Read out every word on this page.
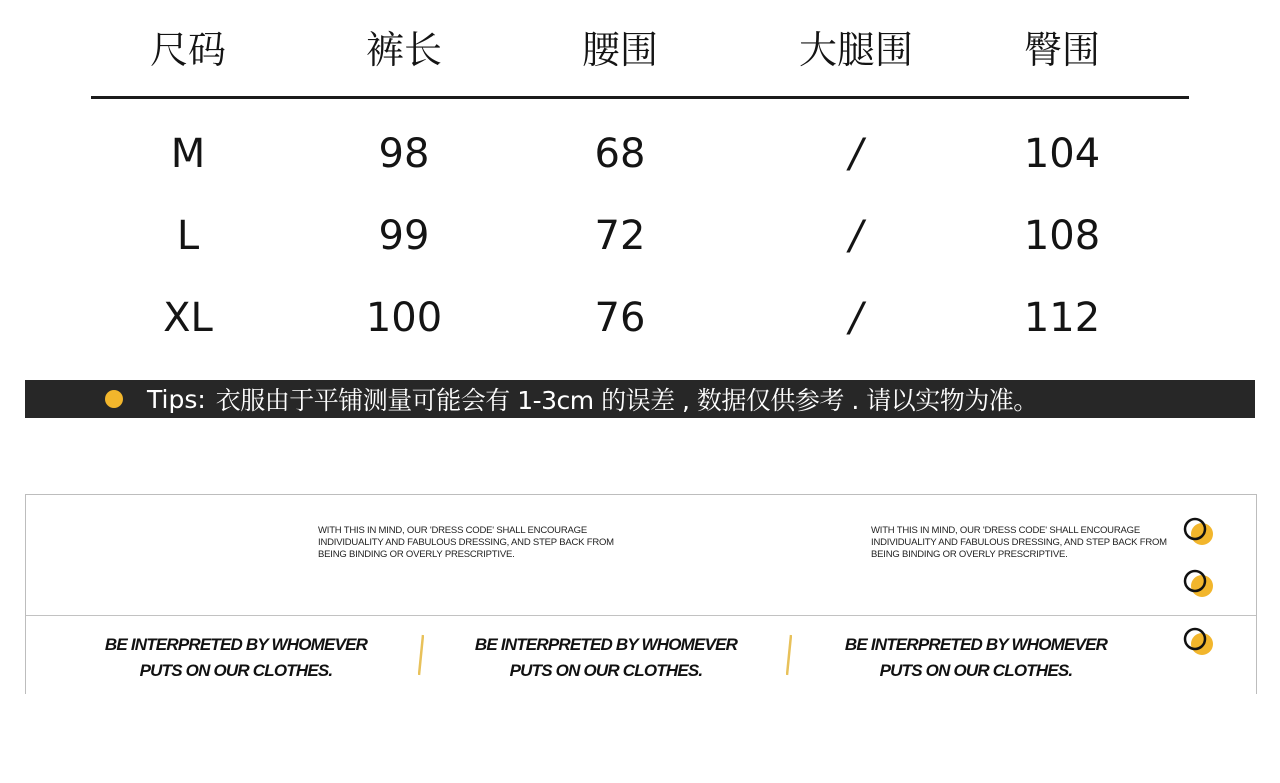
尺码	裤长	腰围	大腿围	臀围
M	98	68	/	104
L	99	72	/	108
XL	100	76	/	112
Tips: 衣服由于平铺测量可能会有 1-3cm 的误差 , 数据仅供参考 . 请以实物为准。
WITH THIS IN MIND, OUR 'DRESS CODE' SHALL ENCOURAGE INDIVIDUALITY AND FABULOUS DRESSING, AND STEP BACK FROM BEING BINDING OR OVERLY PRESCRIPTIVE.
WITH THIS IN MIND, OUR 'DRESS CODE' SHALL ENCOURAGE INDIVIDUALITY AND FABULOUS DRESSING, AND STEP BACK FROM BEING BINDING OR OVERLY PRESCRIPTIVE.
BE INTERPRETED BY WHOMEVER PUTS ON OUR CLOTHES.
BE INTERPRETED BY WHOMEVER PUTS ON OUR CLOTHES.
BE INTERPRETED BY WHOMEVER PUTS ON OUR CLOTHES.
